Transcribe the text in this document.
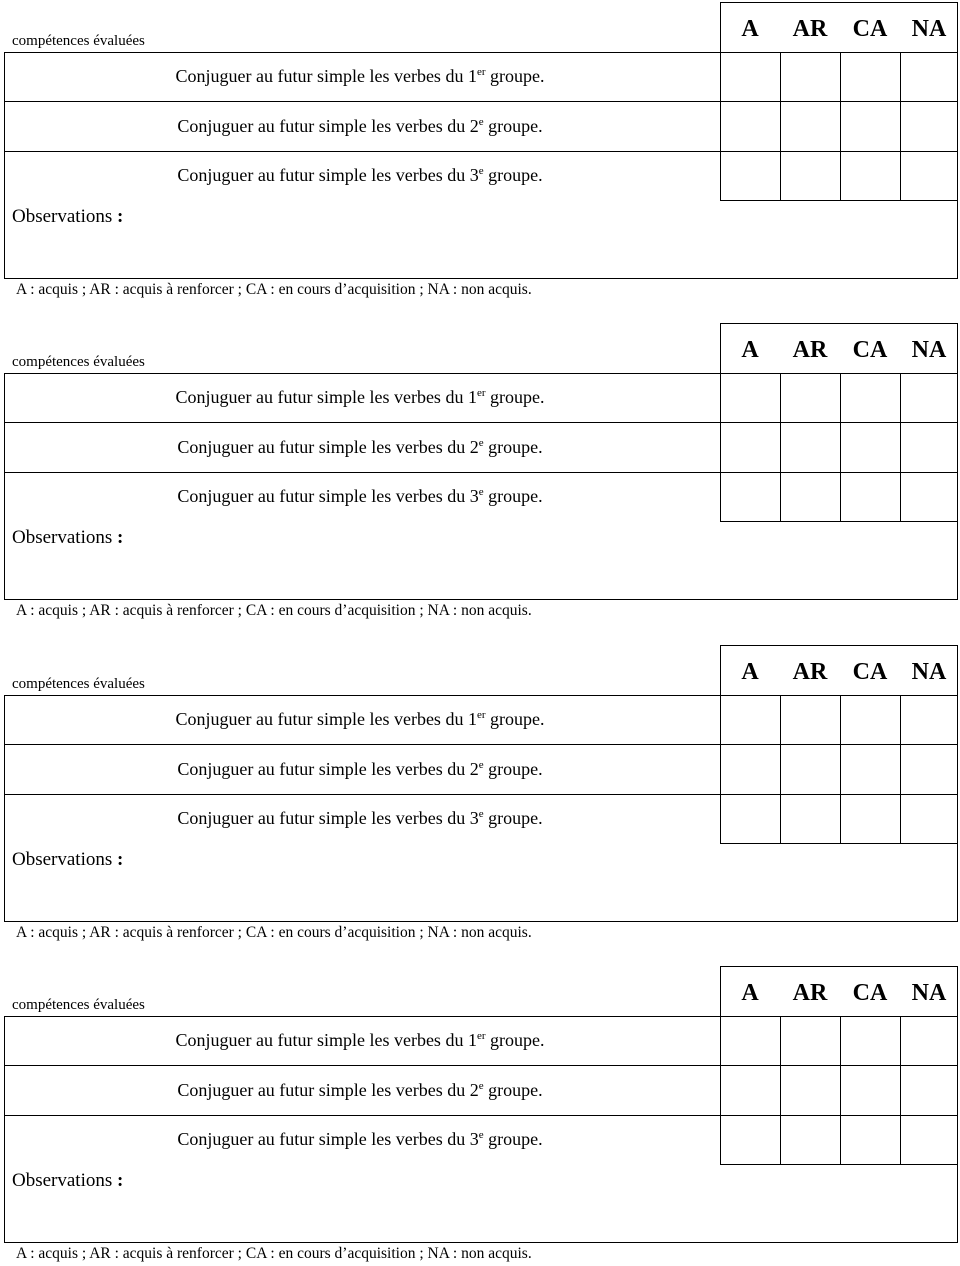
compétences évaluées	A	AR	CA	NA
Conjuguer au futur simple les verbes du 1er groupe.
Conjuguer au futur simple les verbes du 2e groupe.
Conjuguer au futur simple les verbes du 3e groupe.
Observations :
A : acquis ; AR : acquis à renforcer ; CA : en cours d’acquisition ; NA : non acquis.
compétences évaluées	A	AR	CA	NA
Conjuguer au futur simple les verbes du 1er groupe.
Conjuguer au futur simple les verbes du 2e groupe.
Conjuguer au futur simple les verbes du 3e groupe.
Observations :
A : acquis ; AR : acquis à renforcer ; CA : en cours d’acquisition ; NA : non acquis.
compétences évaluées	A	AR	CA	NA
Conjuguer au futur simple les verbes du 1er groupe.
Conjuguer au futur simple les verbes du 2e groupe.
Conjuguer au futur simple les verbes du 3e groupe.
Observations :
A : acquis ; AR : acquis à renforcer ; CA : en cours d’acquisition ; NA : non acquis.
compétences évaluées	A	AR	CA	NA
Conjuguer au futur simple les verbes du 1er groupe.
Conjuguer au futur simple les verbes du 2e groupe.
Conjuguer au futur simple les verbes du 3e groupe.
Observations :
A : acquis ; AR : acquis à renforcer ; CA : en cours d’acquisition ; NA : non acquis.
